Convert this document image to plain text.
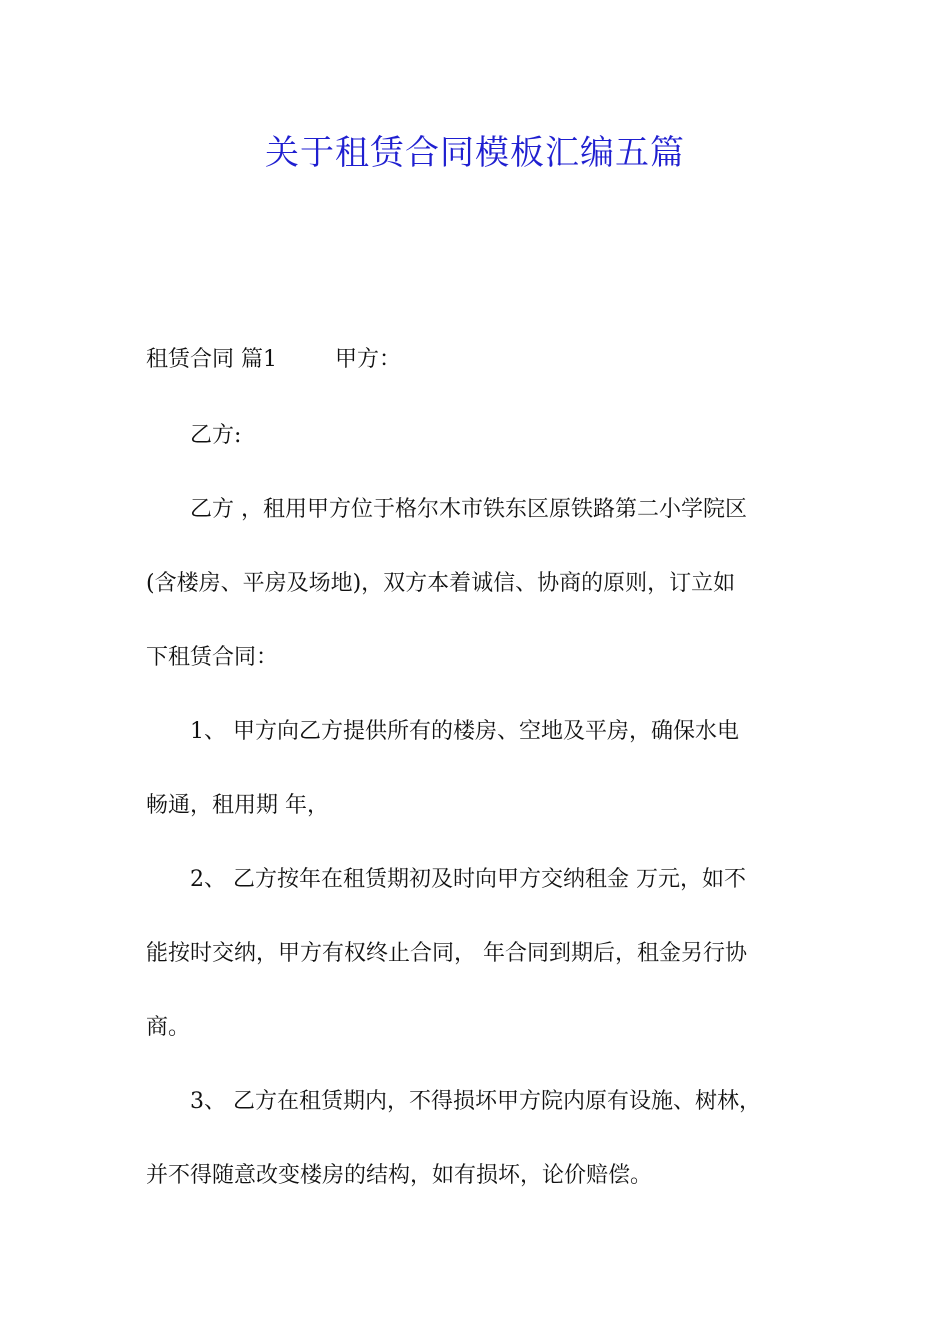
关于租赁合同模板汇编五篇
租赁合同 篇1	甲方：
乙方:
乙方 ，租用甲方位于格尔木市铁东区原铁路第二小学院区
(含楼房、平房及场地)，双方本着诚信、协商的原则，订立如
下租赁合同：
1、 甲方向乙方提供所有的楼房、空地及平房，确保水电
畅通，租用期 年，
2、 乙方按年在租赁期初及时向甲方交纳租金 万元，如不
能按时交纳，甲方有权终止合同， 年合同到期后，租金另行协
商。
3、 乙方在租赁期内，不得损坏甲方院内原有设施、树林，
并不得随意改变楼房的结构，如有损坏，论价赔偿。
